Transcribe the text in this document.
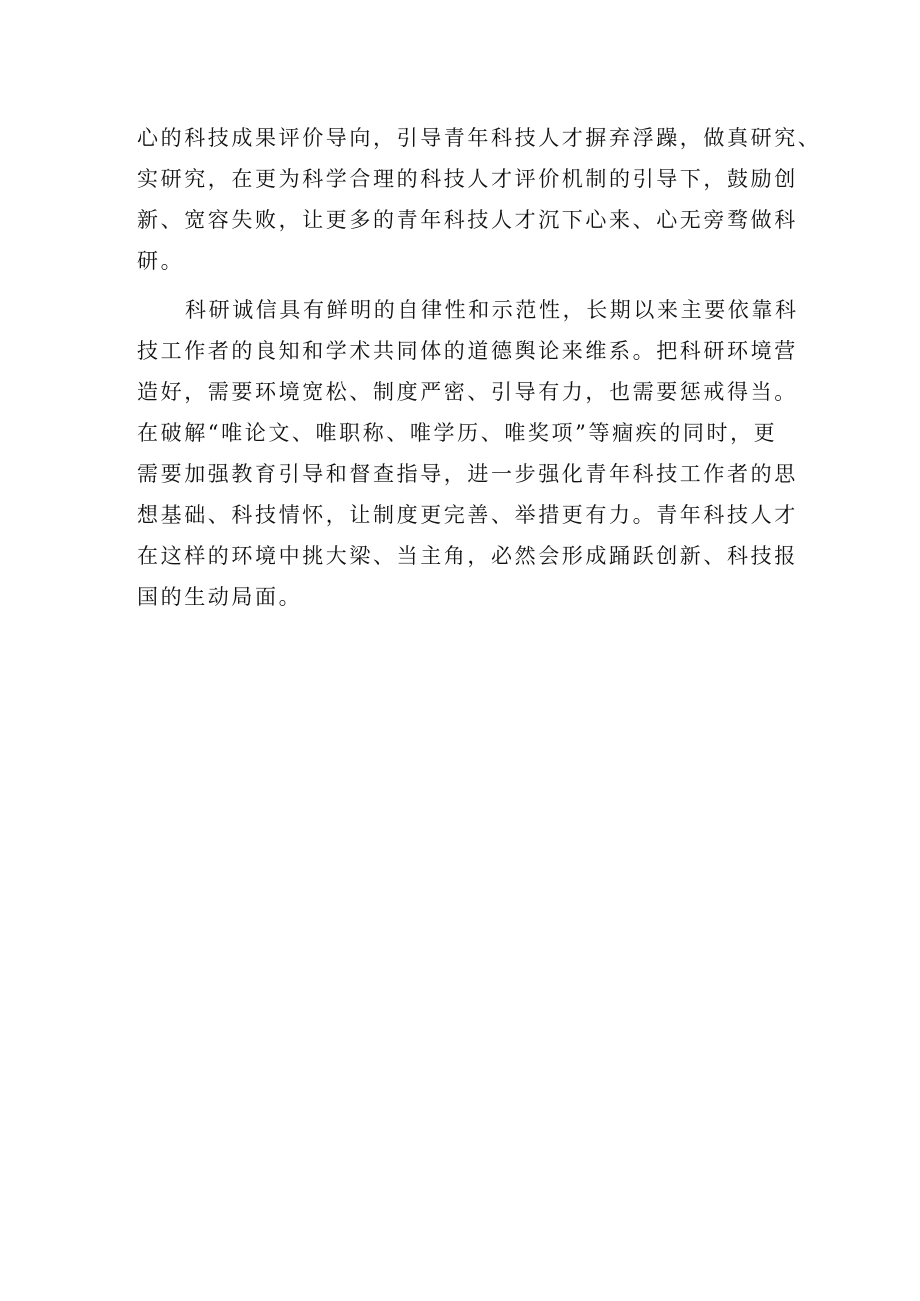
心的科技成果评价导向，引导青年科技人才摒弃浮躁，做真研究、
实研究，在更为科学合理的科技人才评价机制的引导下，鼓励创
新、宽容失败，让更多的青年科技人才沉下心来、心无旁骛做科
研。
科研诚信具有鲜明的自律性和示范性，长期以来主要依靠科
技工作者的良知和学术共同体的道德舆论来维系。把科研环境营
造好，需要环境宽松、制度严密、引导有力，也需要惩戒得当。
在破解“唯论文、唯职称、唯学历、唯奖项”等痼疾的同时，更
需要加强教育引导和督查指导，进一步强化青年科技工作者的思
想基础、科技情怀，让制度更完善、举措更有力。青年科技人才
在这样的环境中挑大梁、当主角，必然会形成踊跃创新、科技报
国的生动局面。
